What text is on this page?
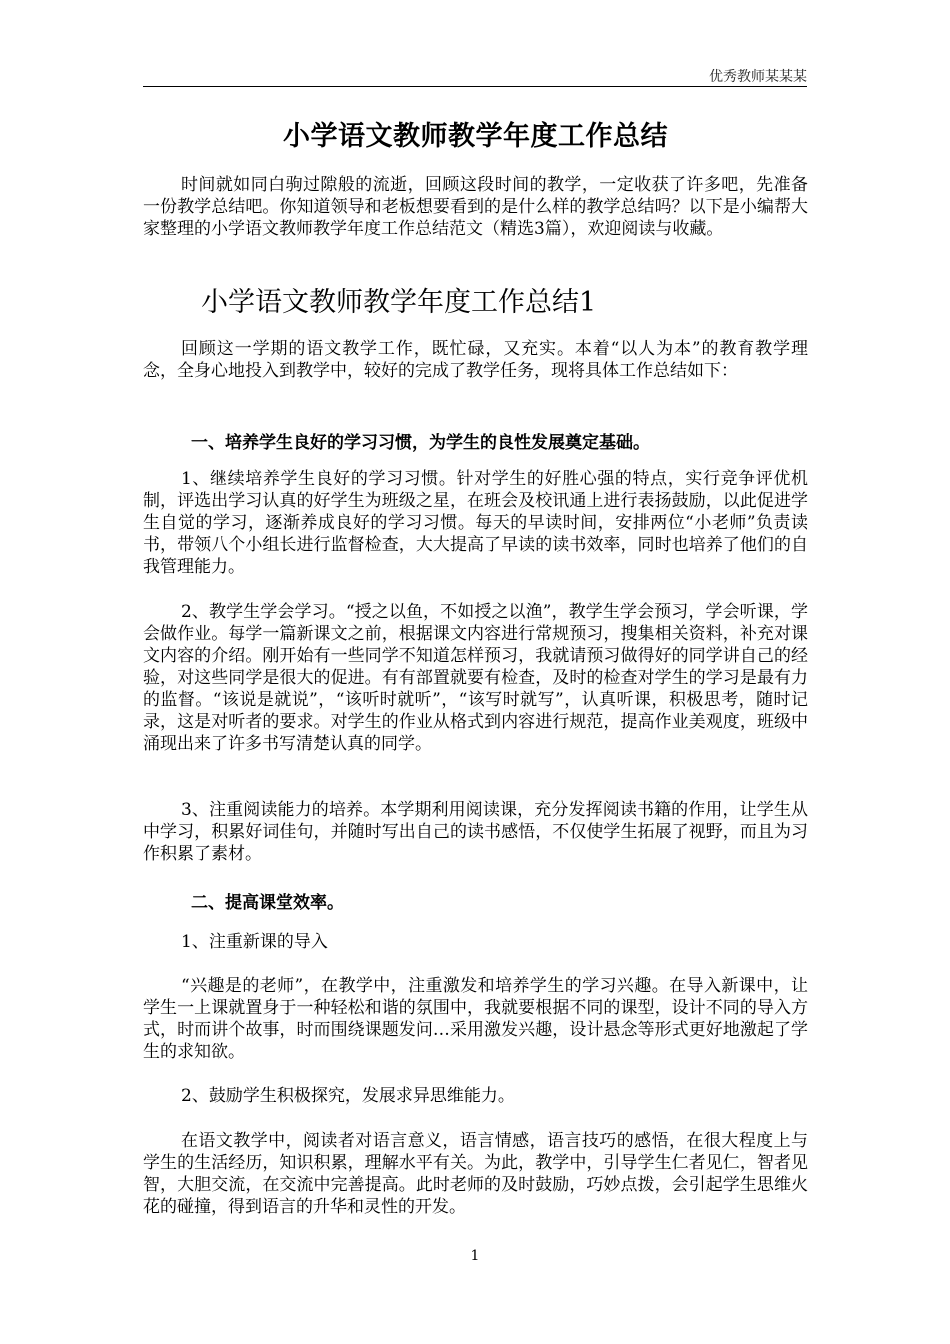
优秀教师某某某
小学语文教师教学年度工作总结

时间就如同白驹过隙般的流逝，回顾这段时间的教学，一定收获了许多吧，先准备一份教学总结吧。你知道领导和老板想要看到的是什么样的教学总结吗？以下是小编帮大家整理的小学语文教师教学年度工作总结范文（精选3篇），欢迎阅读与收藏。

小学语文教师教学年度工作总结1

回顾这一学期的语文教学工作，既忙碌，又充实。本着“以人为本”的教育教学理念，全身心地投入到教学中，较好的完成了教学任务，现将具体工作总结如下：

一、培养学生良好的学习习惯，为学生的良性发展奠定基础。

1、继续培养学生良好的学习习惯。针对学生的好胜心强的特点，实行竞争评优机制，评选出学习认真的好学生为班级之星，在班会及校讯通上进行表扬鼓励，以此促进学生自觉的学习，逐渐养成良好的学习习惯。每天的早读时间，安排两位“小老师”负责读书，带领八个小组长进行监督检查，大大提高了早读的读书效率，同时也培养了他们的自我管理能力。

2、教学生学会学习。“授之以鱼，不如授之以渔”，教学生学会预习，学会听课，学会做作业。每学一篇新课文之前，根据课文内容进行常规预习，搜集相关资料，补充对课文内容的介绍。刚开始有一些同学不知道怎样预习，我就请预习做得好的同学讲自己的经验，对这些同学是很大的促进。有有部置就要有检查，及时的检查对学生的学习是最有力的监督。“该说是就说”，“该听时就听”，“该写时就写”，认真听课，积极思考，随时记录，这是对听者的要求。对学生的作业从格式到内容进行规范，提高作业美观度，班级中涌现出来了许多书写清楚认真的同学。

3、注重阅读能力的培养。本学期利用阅读课，充分发挥阅读书籍的作用，让学生从中学习，积累好词佳句，并随时写出自己的读书感悟，不仅使学生拓展了视野，而且为习作积累了素材。

二、提高课堂效率。

1、注重新课的导入

“兴趣是的老师”，在教学中，注重激发和培养学生的学习兴趣。在导入新课中，让学生一上课就置身于一种轻松和谐的氛围中，我就要根据不同的课型，设计不同的导入方式，时而讲个故事，时而围绕课题发问…采用激发兴趣，设计悬念等形式更好地激起了学生的求知欲。

2、鼓励学生积极探究，发展求异思维能力。

在语文教学中，阅读者对语言意义，语言情感，语言技巧的感悟，在很大程度上与学生的生活经历，知识积累，理解水平有关。为此，教学中，引导学生仁者见仁，智者见智，大胆交流，在交流中完善提高。此时老师的及时鼓励，巧妙点拨，会引起学生思维火花的碰撞，得到语言的升华和灵性的开发。

1
